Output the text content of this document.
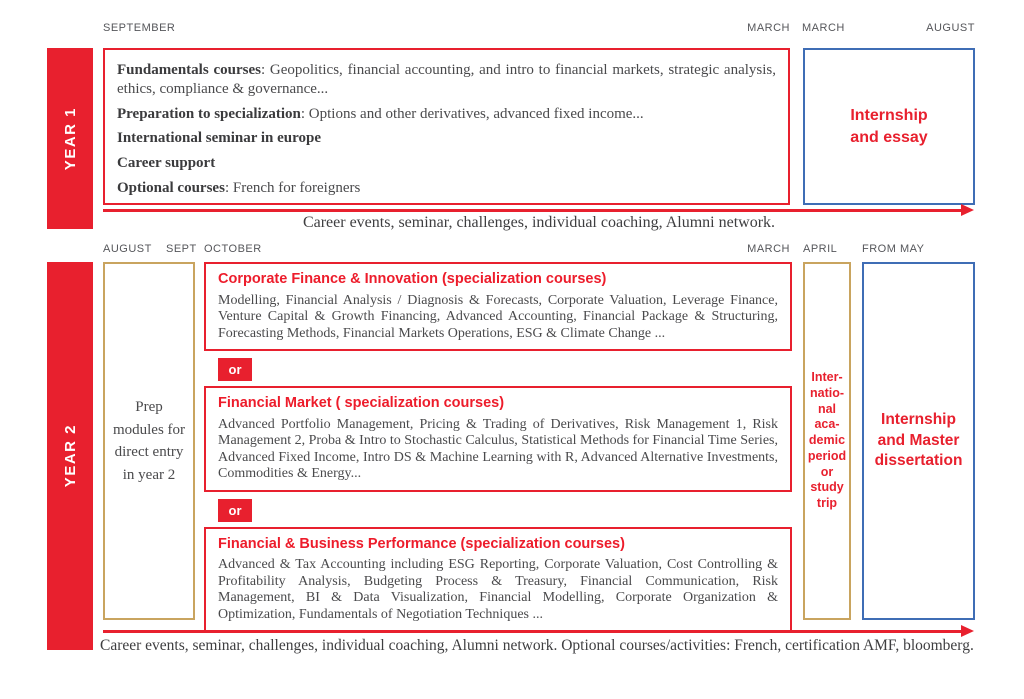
SEPTEMBER	MARCH MARCH	AUGUST
YEAR 1

Fundamentals courses: Geopolitics, financial accounting, and intro to financial markets, strategic analysis, ethics, compliance & governance...

Preparation to specialization: Options and other derivatives, advanced fixed income...

International seminar in europe

Career support

Optional courses: French for foreigners

Internship
and essay
Career events, seminar, challenges, individual coaching, Alumni network.
AUGUST SEPT OCTOBER	MARCH APRIL FROM MAY
YEAR 2
Prep modules for direct entry in year 2
Corporate Finance & Innovation (specialization courses)
Modelling, Financial Analysis / Diagnosis & Forecasts, Corporate Valuation, Leverage Finance, Venture Capital & Growth Financing, Advanced Accounting, Financial Package & Structuring, Forecasting Methods, Financial Markets Operations, ESG & Climate Change ...
or
Financial Market ( specialization courses)
Advanced Portfolio Management, Pricing & Trading of Derivatives, Risk Management 1, Risk Management 2, Proba & Intro to Stochastic Calculus, Statistical Methods for Financial Time Series, Advanced Fixed Income, Intro DS & Machine Learning with R, Advanced Alternative Investments, Commodities & Energy...
or
Financial & Business Performance (specialization courses)
Advanced & Tax Accounting including ESG Reporting, Corporate Valuation, Cost Controlling & Profitability Analysis, Budgeting Process & Treasury, Financial Communication, Risk Management, BI & Data Visualization, Financial Modelling, Corporate Organization & Optimization, Fundamentals of Negotiation Techniques ...
Inter-
natio-
nal
aca-
demic
period
or
study
trip
Internship
and Master
dissertation
Career events, seminar, challenges, individual coaching, Alumni network. Optional courses/activities: French, certification AMF, bloomberg.
